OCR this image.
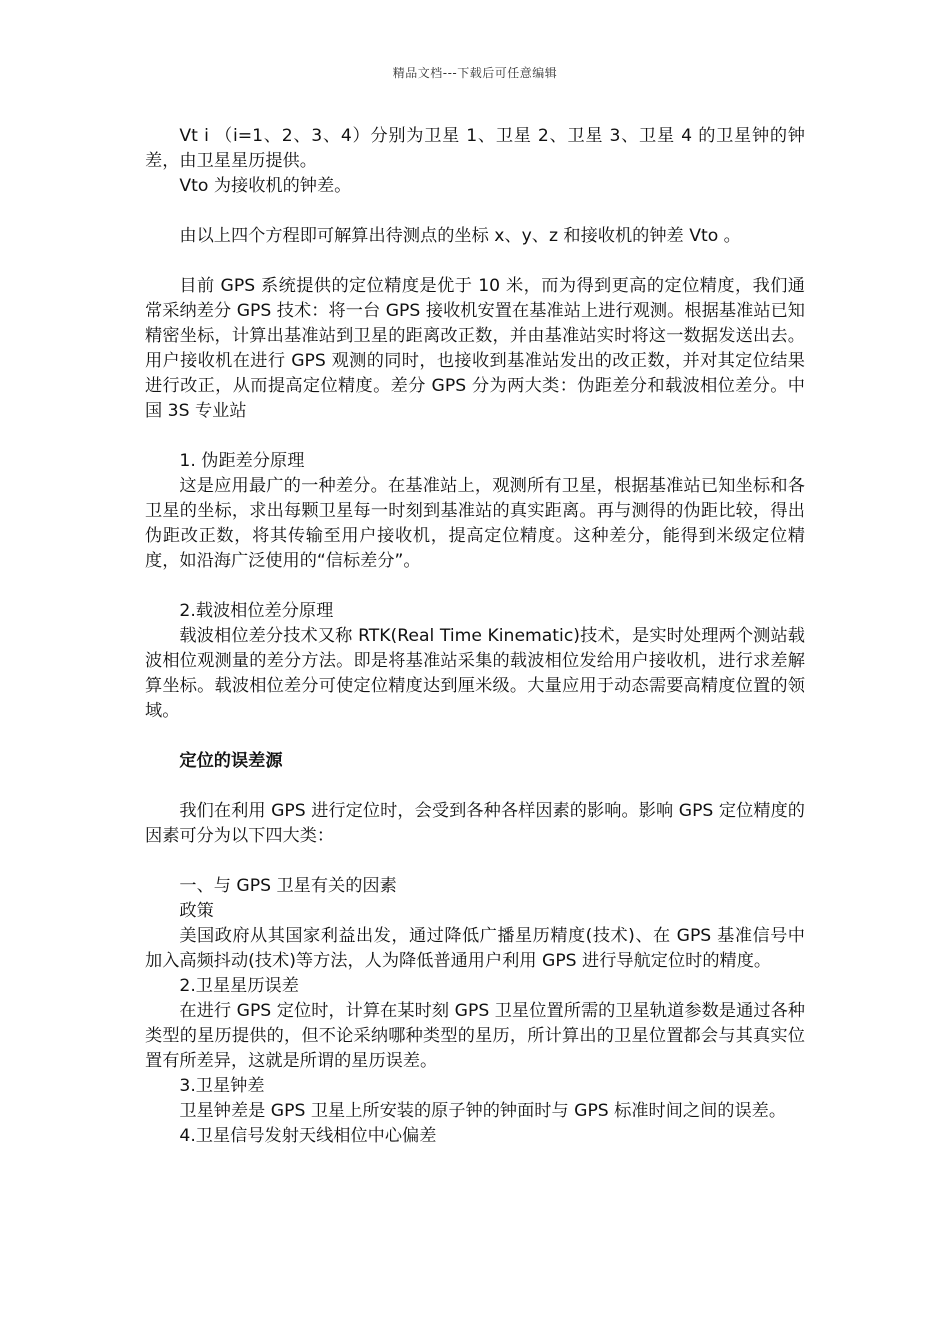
精品文档---下载后可任意编辑

Vt i （i=1、2、3、4）分别为卫星 1、卫星 2、卫星 3、卫星 4 的卫星钟的钟差，由卫星星历提供。

Vto 为接收机的钟差。

由以上四个方程即可解算出待测点的坐标 x、y、z 和接收机的钟差 Vto 。

目前 GPS 系统提供的定位精度是优于 10 米，而为得到更高的定位精度，我们通常采纳差分 GPS 技术：将一台 GPS 接收机安置在基准站上进行观测。根据基准站已知精密坐标，计算出基准站到卫星的距离改正数，并由基准站实时将这一数据发送出去。用户接收机在进行 GPS 观测的同时，也接收到基准站发出的改正数，并对其定位结果进行改正，从而提高定位精度。差分 GPS 分为两大类：伪距差分和载波相位差分。中国 3S 专业站

1. 伪距差分原理

这是应用最广的一种差分。在基准站上，观测所有卫星，根据基准站已知坐标和各卫星的坐标，求出每颗卫星每一时刻到基准站的真实距离。再与测得的伪距比较，得出伪距改正数，将其传输至用户接收机，提高定位精度。这种差分，能得到米级定位精度，如沿海广泛使用的“信标差分”。

2.载波相位差分原理

载波相位差分技术又称 RTK(Real Time Kinematic)技术，是实时处理两个测站载波相位观测量的差分方法。即是将基准站采集的载波相位发给用户接收机，进行求差解算坐标。载波相位差分可使定位精度达到厘米级。大量应用于动态需要高精度位置的领域。

定位的误差源

我们在利用 GPS 进行定位时，会受到各种各样因素的影响。影响 GPS 定位精度的因素可分为以下四大类：

一、与 GPS 卫星有关的因素

政策

美国政府从其国家利益出发，通过降低广播星历精度(技术)、在 GPS 基准信号中加入高频抖动(技术)等方法，人为降低普通用户利用 GPS 进行导航定位时的精度。

2.卫星星历误差

在进行 GPS 定位时，计算在某时刻 GPS 卫星位置所需的卫星轨道参数是通过各种类型的星历提供的，但不论采纳哪种类型的星历，所计算出的卫星位置都会与其真实位置有所差异，这就是所谓的星历误差。

3.卫星钟差

卫星钟差是 GPS 卫星上所安装的原子钟的钟面时与 GPS 标准时间之间的误差。

4.卫星信号发射天线相位中心偏差
